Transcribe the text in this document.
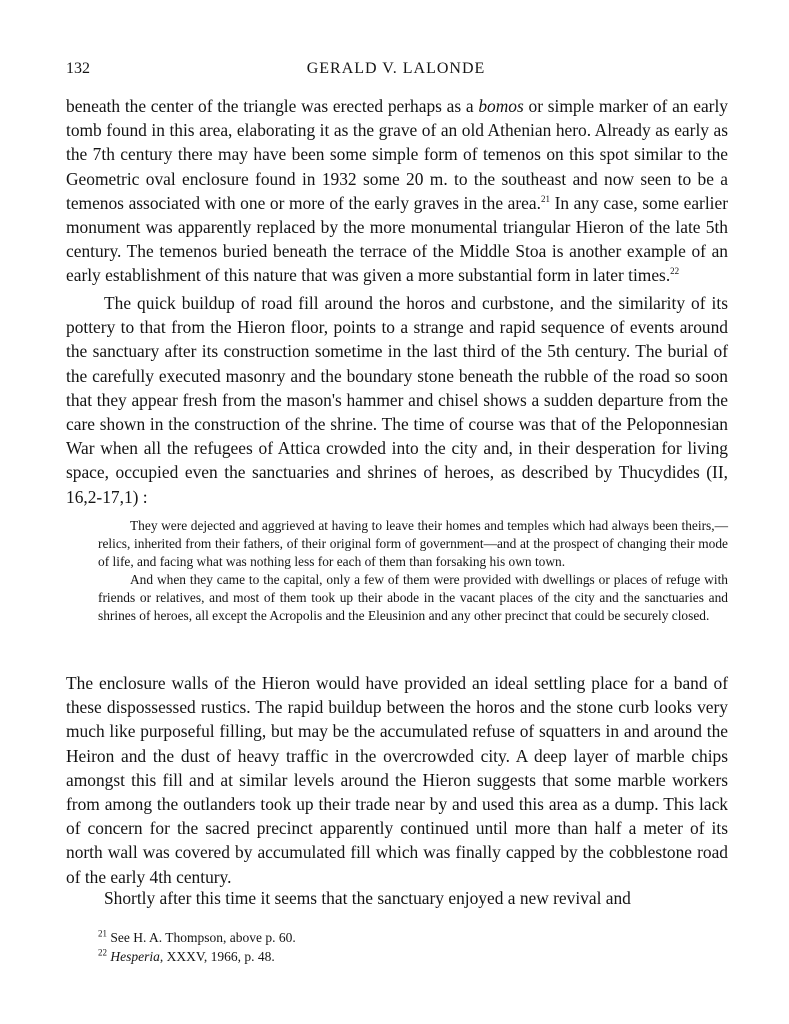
132	GERALD V. LALONDE

beneath the center of the triangle was erected perhaps as a bomos or simple marker of an early tomb found in this area, elaborating it as the grave of an old Athenian hero. Already as early as the 7th century there may have been some simple form of temenos on this spot similar to the Geometric oval enclosure found in 1932 some 20 m. to the southeast and now seen to be a temenos associated with one or more of the early graves in the area.$^{21}$ In any case, some earlier monument was apparently replaced by the more monumental triangular Hieron of the late 5th century. The temenos buried beneath the terrace of the Middle Stoa is another example of an early establishment of this nature that was given a more substantial form in later times.$^{22}$

The quick buildup of road fill around the horos and curbstone, and the similarity of its pottery to that from the Hieron floor, points to a strange and rapid sequence of events around the sanctuary after its construction sometime in the last third of the 5th century. The burial of the carefully executed masonry and the boundary stone beneath the rubble of the road so soon that they appear fresh from the mason's hammer and chisel shows a sudden departure from the care shown in the construction of the shrine. The time of course was that of the Peloponnesian War when all the refugees of Attica crowded into the city and, in their desperation for living space, occupied even the sanctuaries and shrines of heroes, as described by Thucydides (II, 16,2-17,1) :

They were dejected and aggrieved at having to leave their homes and temples which had always been theirs,—relics, inherited from their fathers, of their original form of government—and at the prospect of changing their mode of life, and facing what was nothing less for each of them than forsaking his own town.

And when they came to the capital, only a few of them were provided with dwellings or places of refuge with friends or relatives, and most of them took up their abode in the vacant places of the city and the sanctuaries and shrines of heroes, all except the Acropolis and the Eleusinion and any other precinct that could be securely closed.

The enclosure walls of the Hieron would have provided an ideal settling place for a band of these dispossessed rustics. The rapid buildup between the horos and the stone curb looks very much like purposeful filling, but may be the accumulated refuse of squatters in and around the Heiron and the dust of heavy traffic in the overcrowded city. A deep layer of marble chips amongst this fill and at similar levels around the Hieron suggests that some marble workers from among the outlanders took up their trade near by and used this area as a dump. This lack of concern for the sacred precinct apparently continued until more than half a meter of its north wall was covered by accumulated fill which was finally capped by the cobblestone road of the early 4th century.

Shortly after this time it seems that the sanctuary enjoyed a new revival and

$^{21}$ See H. A. Thompson, above p. 60.

$^{22}$ Hesperia, XXXV, 1966, p. 48.
